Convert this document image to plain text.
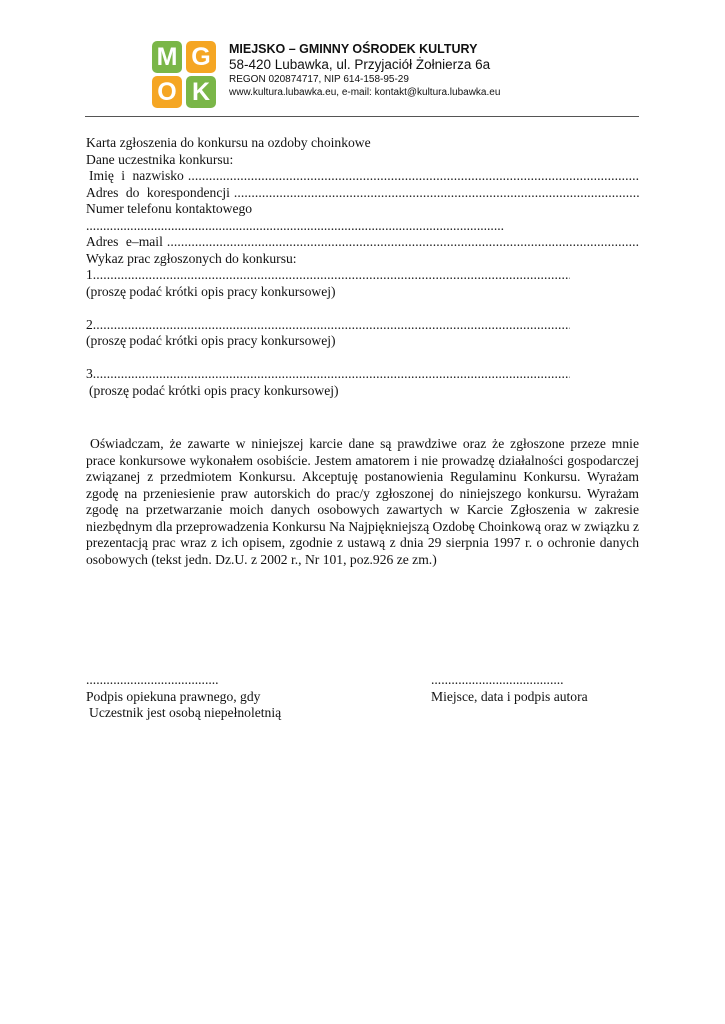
M G
O K
MIEJSKO – GMINNY OŚRODEK KULTURY
58-420 Lubawka, ul. Przyjaciół Żołnierza 6a
REGON 020874717, NIP 614-158-95-29
www.kultura.lubawka.eu, e-mail: kontakt@kultura.lubawka.eu
Karta zgłoszenia do konkursu na ozdoby choinkowe
Dane uczestnika konkursu:
Imię i nazwisko
.....
Adres do korespondencji
.....
Numer telefonu kontaktowego
...........................................................................................................................
Adres e–mail
.....
Wykaz prac zgłoszonych do konkursu:
1.
.....
(proszę podać krótki opis pracy konkursowej)
2.
.....
(proszę podać krótki opis pracy konkursowej)
3.
.....
(proszę podać krótki opis pracy konkursowej)
Oświadczam, że zawarte w niniejszej karcie dane są prawdziwe oraz że zgłoszone przeze mnie prace konkursowe wykonałem osobiście. Jestem amatorem i nie prowadzę działalności gospodarczej związanej z przedmiotem Konkursu. Akceptuję postanowienia Regulaminu Konkursu. Wyrażam zgodę na przeniesienie praw autorskich do prac/y zgłoszonej do niniejszego konkursu. Wyrażam zgodę na przetwarzanie moich danych osobowych zawartych w Karcie Zgłoszenia w zakresie niezbędnym dla przeprowadzenia Konkursu Na Najpiękniejszą Ozdobę Choinkową oraz w związku z prezentacją prac wraz z ich opisem, zgodnie z ustawą z dnia 29 sierpnia 1997 r. o ochronie danych osobowych (tekst jedn. Dz.U. z 2002 r., Nr 101, poz.926 ze zm.)
.......................................
Podpis opiekuna prawnego, gdy
Uczestnik jest osobą niepełnoletnią
.......................................
Miejsce, data i podpis autora
